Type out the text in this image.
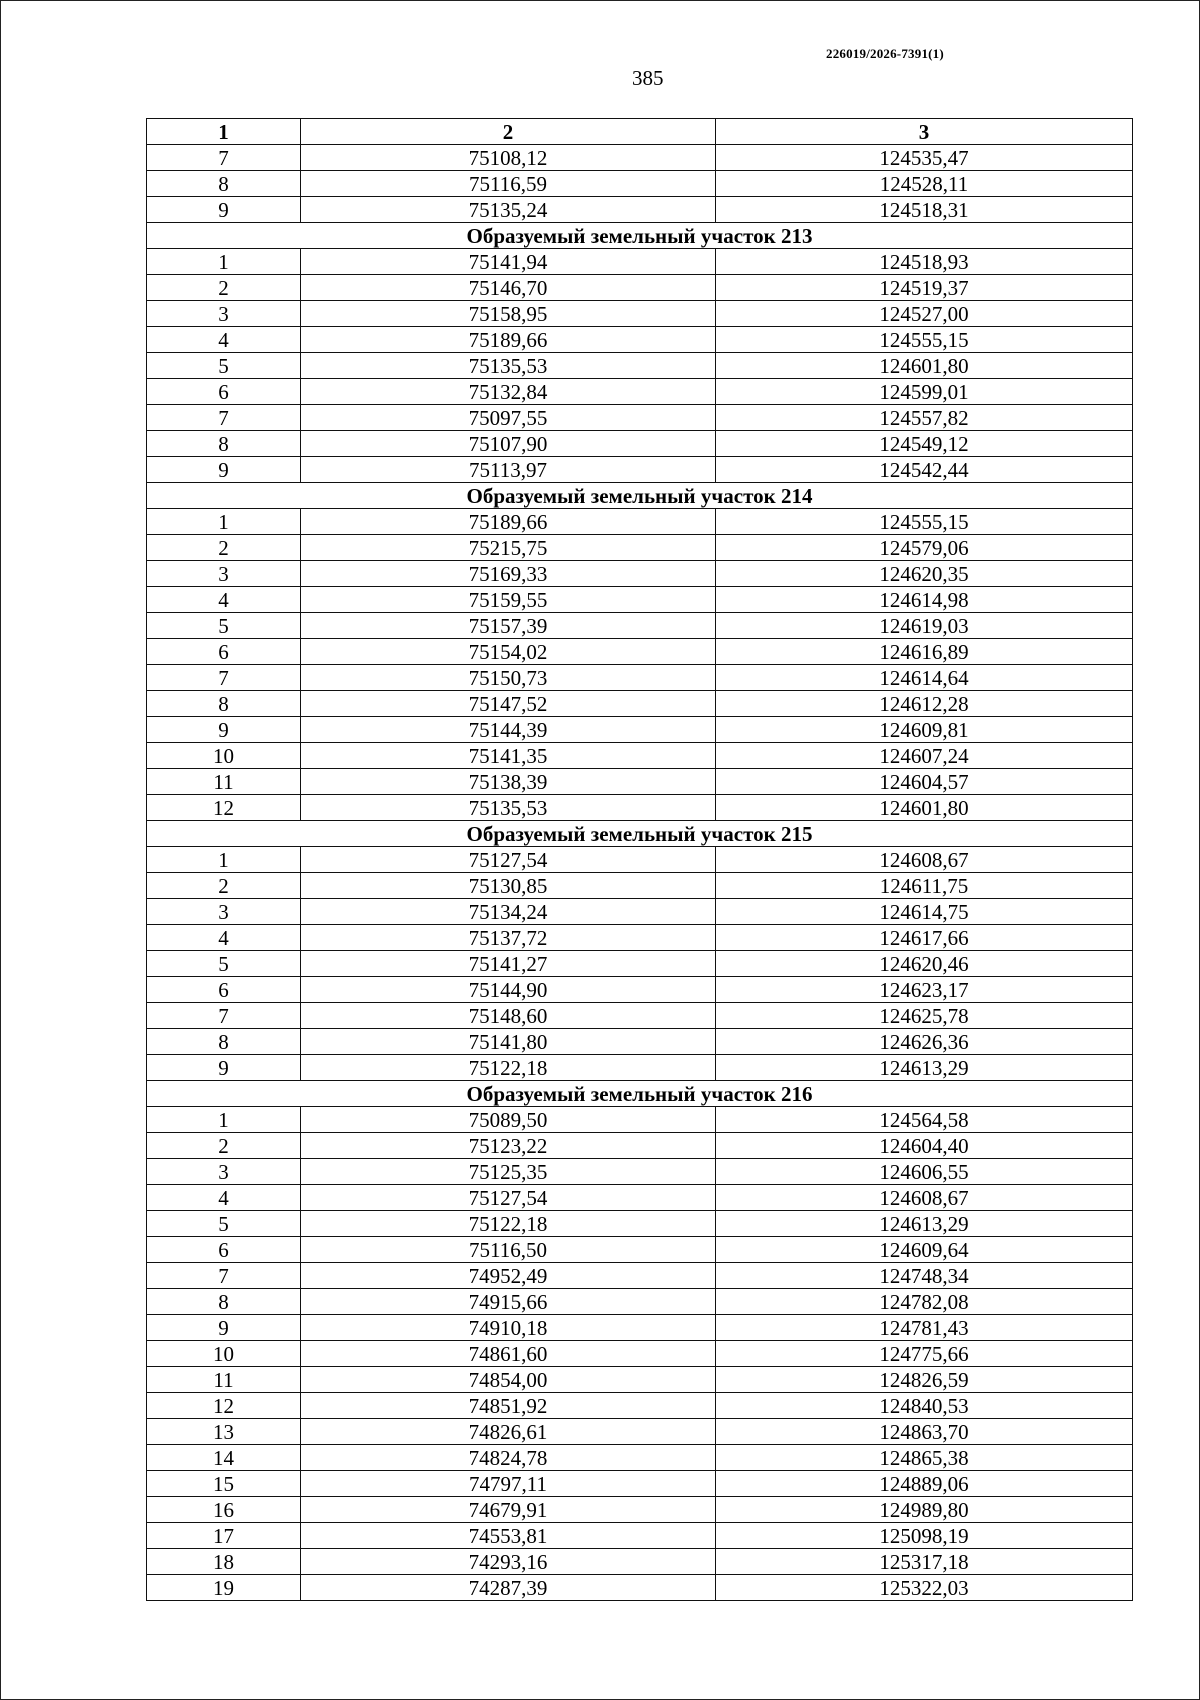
226019/2026-7391(1)
385
1	2	3
7	75108,12	124535,47
8	75116,59	124528,11
9	75135,24	124518,31
Образуемый земельный участок 213		
1	75141,94	124518,93
2	75146,70	124519,37
3	75158,95	124527,00
4	75189,66	124555,15
5	75135,53	124601,80
6	75132,84	124599,01
7	75097,55	124557,82
8	75107,90	124549,12
9	75113,97	124542,44
Образуемый земельный участок 214		
1	75189,66	124555,15
2	75215,75	124579,06
3	75169,33	124620,35
4	75159,55	124614,98
5	75157,39	124619,03
6	75154,02	124616,89
7	75150,73	124614,64
8	75147,52	124612,28
9	75144,39	124609,81
10	75141,35	124607,24
11	75138,39	124604,57
12	75135,53	124601,80
Образуемый земельный участок 215		
1	75127,54	124608,67
2	75130,85	124611,75
3	75134,24	124614,75
4	75137,72	124617,66
5	75141,27	124620,46
6	75144,90	124623,17
7	75148,60	124625,78
8	75141,80	124626,36
9	75122,18	124613,29
Образуемый земельный участок 216		
1	75089,50	124564,58
2	75123,22	124604,40
3	75125,35	124606,55
4	75127,54	124608,67
5	75122,18	124613,29
6	75116,50	124609,64
7	74952,49	124748,34
8	74915,66	124782,08
9	74910,18	124781,43
10	74861,60	124775,66
11	74854,00	124826,59
12	74851,92	124840,53
13	74826,61	124863,70
14	74824,78	124865,38
15	74797,11	124889,06
16	74679,91	124989,80
17	74553,81	125098,19
18	74293,16	125317,18
19	74287,39	125322,03
